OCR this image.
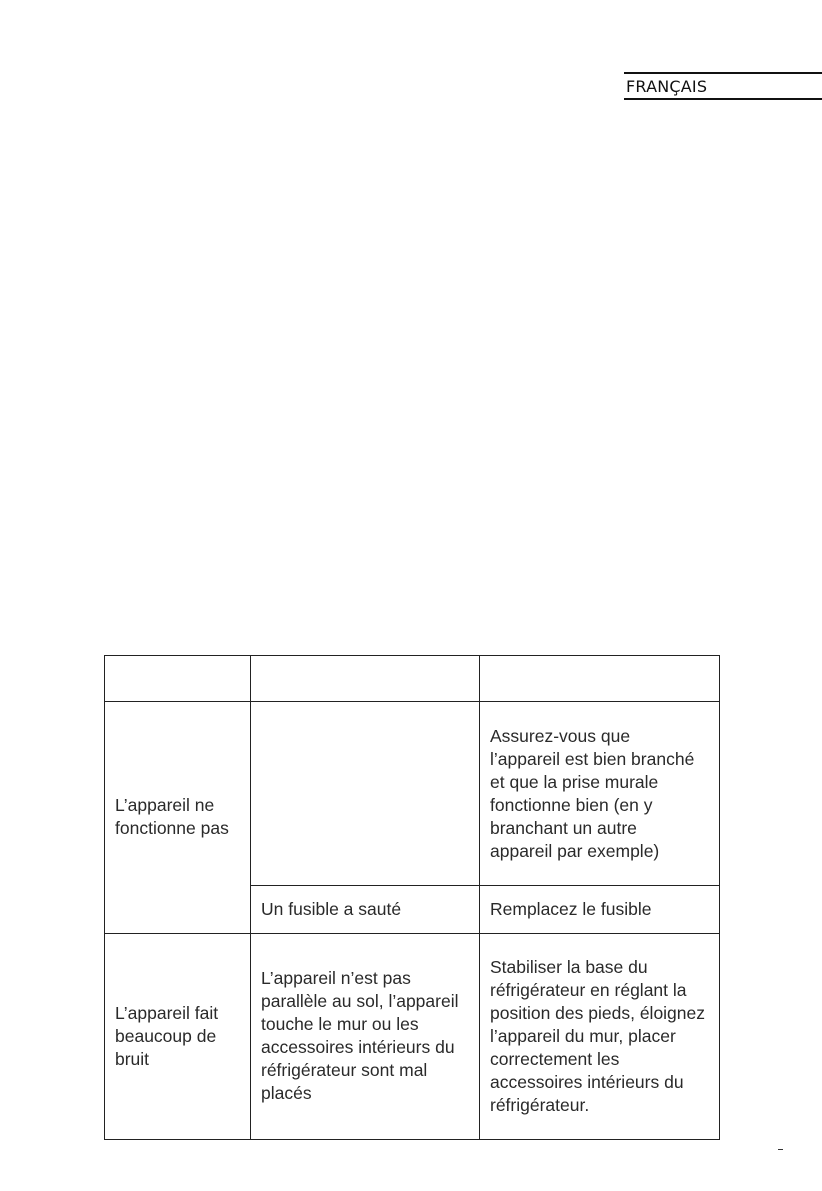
FRANÇAIS

L’appareil ne fonctionne pas		Assurez-vous que l’appareil est bien branché et que la prise murale fonctionne bien (en y branchant un autre appareil par exemple)

	Un fusible a sauté	Remplacez le fusible

L’appareil fait beaucoup de bruit	L’appareil n’est pas parallèle au sol, l’appareil touche le mur ou les accessoires intérieurs du réfrigérateur sont mal placés	Stabiliser la base du réfrigérateur en réglant la position des pieds, éloignez l’appareil du mur, placer correctement les accessoires intérieurs du réfrigérateur.
